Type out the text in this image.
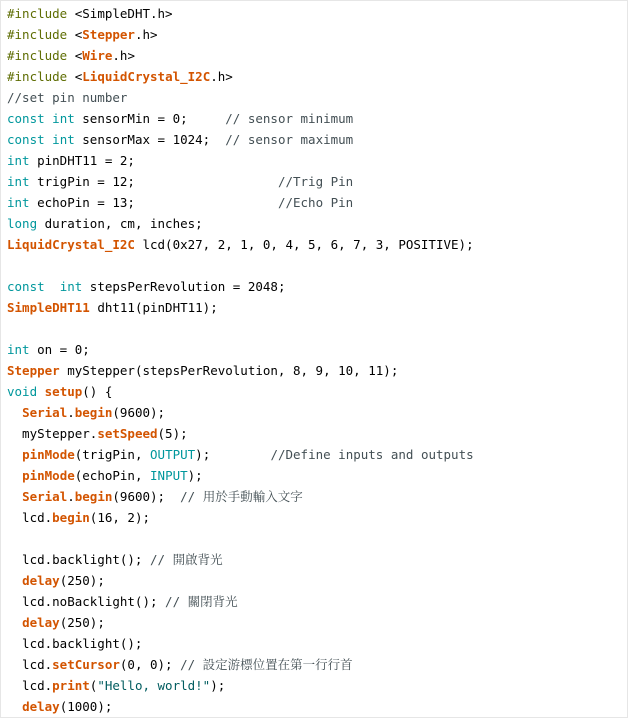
#include <SimpleDHT.h>
#include <Stepper.h>
#include <Wire.h>
#include <LiquidCrystal_I2C.h>
//set pin number
const int sensorMin = 0;     // sensor minimum
const int sensorMax = 1024;  // sensor maximum
int pinDHT11 = 2;
int trigPin = 12;                   //Trig Pin
int echoPin = 13;                   //Echo Pin
long duration, cm, inches;
LiquidCrystal_I2C lcd(0x27, 2, 1, 0, 4, 5, 6, 7, 3, POSITIVE);
const int stepsPerRevolution = 2048;
SimpleDHT11 dht11(pinDHT11);
int on = 0;
Stepper myStepper(stepsPerRevolution, 8, 9, 10, 11);
void setup() {
Serial.begin(9600);
myStepper.setSpeed(5);
pinMode(trigPin, OUTPUT);        //Define inputs and outputs
pinMode(echoPin, INPUT);
Serial.begin(9600);  // 用於手動輸入文字
lcd.begin(16, 2);
lcd.backlight(); // 開啟背光
delay(250);
lcd.noBacklight(); // 關閉背光
delay(250);
lcd.backlight();
lcd.setCursor(0, 0); // 設定游標位置在第一行行首
lcd.print("Hello, world!");
delay(1000);
